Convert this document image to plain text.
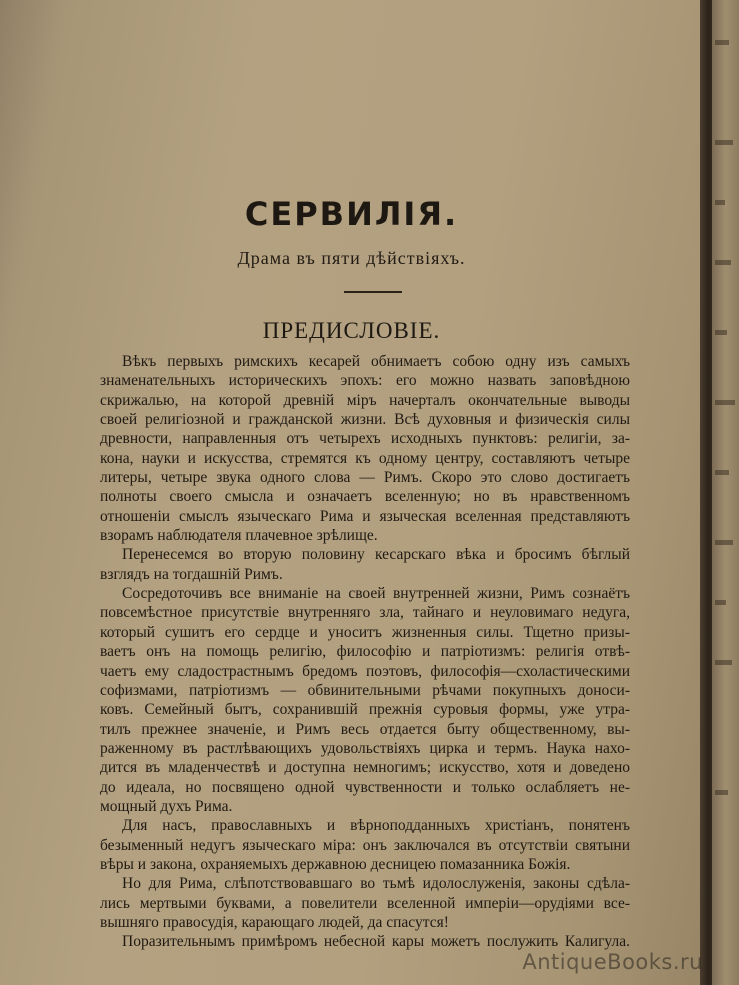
СЕРВИЛІЯ.
Драма въ пяти дѣйствіяхъ.
ПРЕДИСЛОВІЕ.
Вѣкъ первыхъ римскихъ кесарей обнимаетъ собою одну изъ самыхъ
знаменательныхъ историческихъ эпохъ: его можно назвать заповѣдною
скрижалью, на которой древній міръ начерталъ окончательные выводы
своей религіозной и гражданской жизни. Всѣ духовныя и физическія силы
древности, направленныя отъ четырехъ исходныхъ пунктовъ: религіи, за-
кона, науки и искусства, стремятся къ одному центру, составляютъ четыре
литеры, четыре звука одного слова — Римъ. Скоро это слово достигаетъ
полноты своего смысла и означаетъ вселенную; но въ нравственномъ
отношеніи смыслъ языческаго Рима и языческая вселенная представляютъ
взорамъ наблюдателя плачевное зрѣлище.
Перенесемся во вторую половину кесарскаго вѣка и бросимъ бѣглый
взглядъ на тогдашній Римъ.
Сосредоточивъ все вниманіе на своей внутренней жизни, Римъ сознаётъ
повсемѣстное присутствіе внутренняго зла, тайнаго и неуловимаго недуга,
который сушитъ его сердце и уноситъ жизненныя силы. Тщетно призы-
ваетъ онъ на помощь религію, философію и патріотизмъ: религія отвѣ-
чаетъ ему сладострастнымъ бредомъ поэтовъ, философія—схоластическими
софизмами, патріотизмъ — обвинительными рѣчами покупныхъ доноси-
ковъ. Семейный бытъ, сохранившій прежнія суровыя формы, уже утра-
тилъ прежнее значеніе, и Римъ весь отдается быту общественному, вы-
раженному въ растлѣвающихъ удовольствіяхъ цирка и термъ. Наука нахо-
дится въ младенчествѣ и доступна немногимъ; искусство, хотя и доведено
до идеала, но посвящено одной чувственности и только ослабляетъ не-
мощный духъ Рима.
Для насъ, православныхъ и вѣрноподданныхъ христіанъ, понятенъ
безыменный недугъ языческаго міра: онъ заключался въ отсутствіи святыни
вѣры и закона, охраняемыхъ державною десницею помазанника Божія.
Но для Рима, слѣпотствовавшаго во тьмѣ идолослуженія, законы сдѣла-
лись мертвыми буквами, а повелители вселенной имперіи—орудіями все-
вышняго правосудія, карающаго людей, да спасутся!
Поразительнымъ примѣромъ небесной кары можетъ послужить Калигула.
AntiqueBooks.ru
